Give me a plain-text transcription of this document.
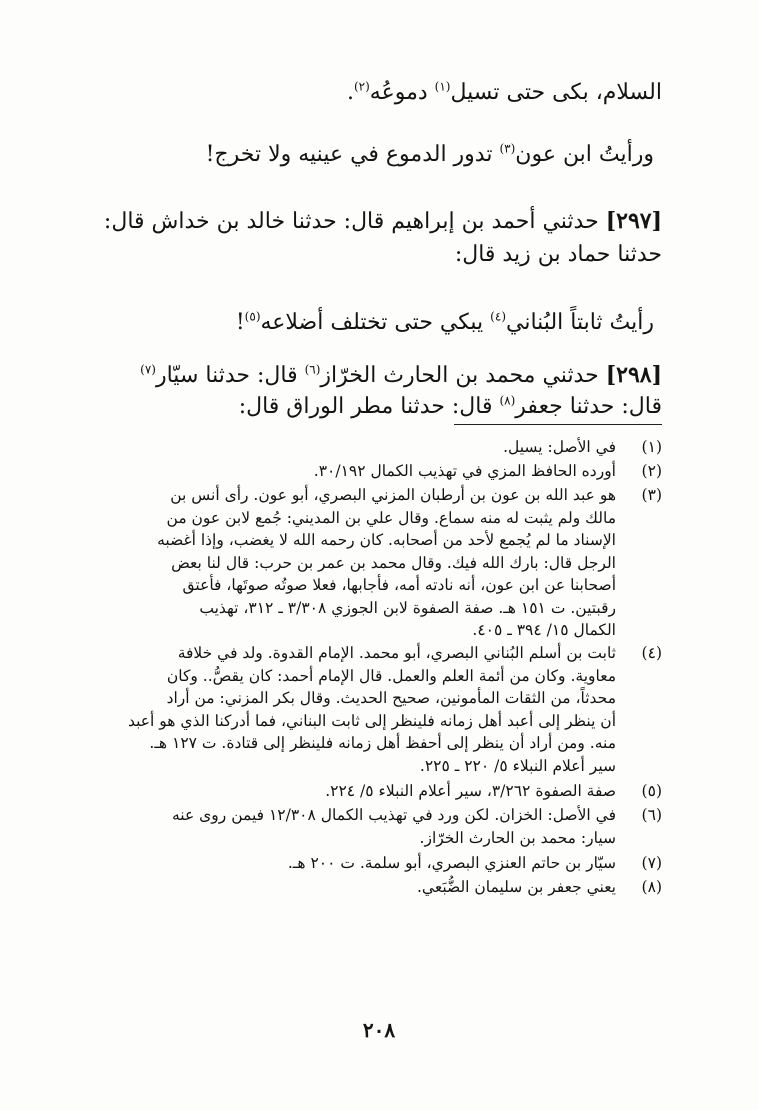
السلام، بكى حتى تسيل$^{(١)}$ دموعُه$^{(٢)}$.
ورأيتُ ابن عون$^{(٣)}$ تدور الدموع في عينيه ولا تخرج!
[٢٩٧] حدثني أحمد بن إبراهيم قال: حدثنا خالد بن خداش قال:
حدثنا حماد بن زيد قال:
رأيتُ ثابتاً البُناني$^{(٤)}$ يبكي حتى تختلف أضلاعه$^{(٥)}$!
[٢٩٨] حدثني محمد بن الحارث الخرّاز$^{(٦)}$ قال: حدثنا سيّار$^{(٧)}$
قال: حدثنا جعفر$^{(٨)}$ قال: حدثنا مطر الوراق قال:
(١)
في الأصل: يسيل.
(٢)
أورده الحافظ المزي في تهذيب الكمال ٣٠/١٩٢.
(٣)
هو عبد الله بن عون بن أرطبان المزني البصري، أبو عون. رأى أنس بن
مالك ولم يثبت له منه سماع. وقال علي بن المديني: جُمع لابن عون من
الإسناد ما لم يُجمع لأحد من أصحابه. كان رحمه الله لا يغضب، وإذا أغضبه
الرجل قال: بارك الله فيك. وقال محمد بن عمر بن حرب: قال لنا بعض
أصحابنا عن ابن عون، أنه نادته أمه، فأجابها، فعلا صوتُه صوتَها، فأعتق
رقبتين. ت ١٥١ هـ. صفة الصفوة لابن الجوزي ٣/٣٠٨ ـ ٣١٢، تهذيب
الكمال ١٥/ ٣٩٤ ـ ٤٠٥.
(٤)
ثابت بن أسلم البُناني البصري، أبو محمد. الإمام القدوة. ولد في خلافة
معاوية. وكان من أئمة العلم والعمل. قال الإمام أحمد: كان يقصُّ.. وكان
محدثاً، من الثقات المأمونين، صحيح الحديث. وقال بكر المزني: من أراد
أن ينظر إلى أعبد أهل زمانه فلينظر إلى ثابت البناني، فما أدركنا الذي هو أعبد
منه. ومن أراد أن ينظر إلى أحفظ أهل زمانه فلينظر إلى قتادة. ت ١٢٧ هـ.
سير أعلام النبلاء ٥/ ٢٢٠ ـ ٢٢٥.
(٥)
صفة الصفوة ٣/٢٦٢، سير أعلام النبلاء ٥/ ٢٢٤.
(٦)
في الأصل: الخزان. لكن ورد في تهذيب الكمال ١٢/٣٠٨ فيمن روى عنه
سيار: محمد بن الحارث الخرّاز.
(٧)
سيّار بن حاتم العنزي البصري، أبو سلمة. ت ٢٠٠ هـ.
(٨)
يعني جعفر بن سليمان الضُّبَعي.
٢٠٨
